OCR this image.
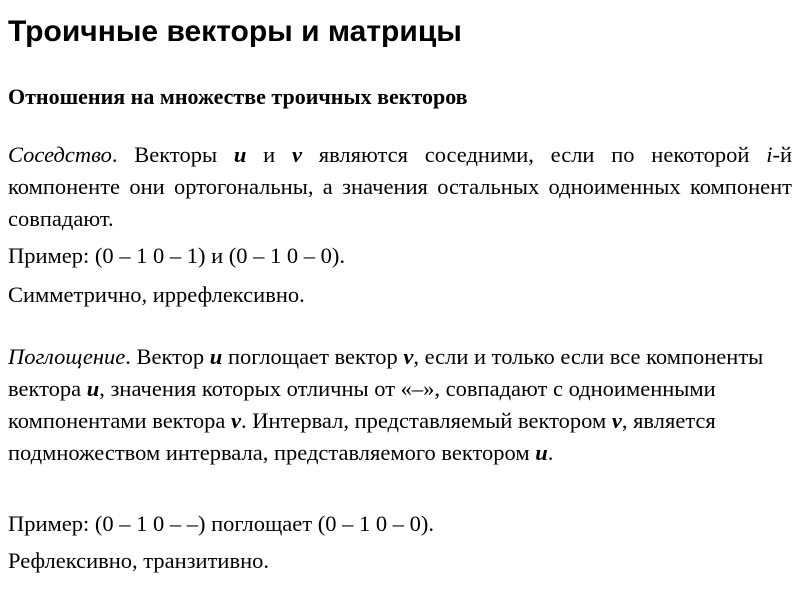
Троичные векторы и матрицы
Отношения на множестве троичных векторов
Соседство. Векторы u и v являются соседними, если по некоторой i-й компоненте они ортогональны, а значения остальных одноименных компонент совпадают.
Пример: (0 – 1 0 – 1) и (0 – 1 0 – 0).
Симметрично, иррефлексивно.
Поглощение. Вектор u поглощает вектор v, если и только если все компоненты вектора u, значения которых отличны от «–», совпадают с одноименными компонентами вектора v. Интервал, представляемый вектором v, является подмножеством интервала, представляемого вектором u.
Пример: (0 – 1 0 – –) поглощает (0 – 1 0 – 0).
Рефлексивно, транзитивно.
